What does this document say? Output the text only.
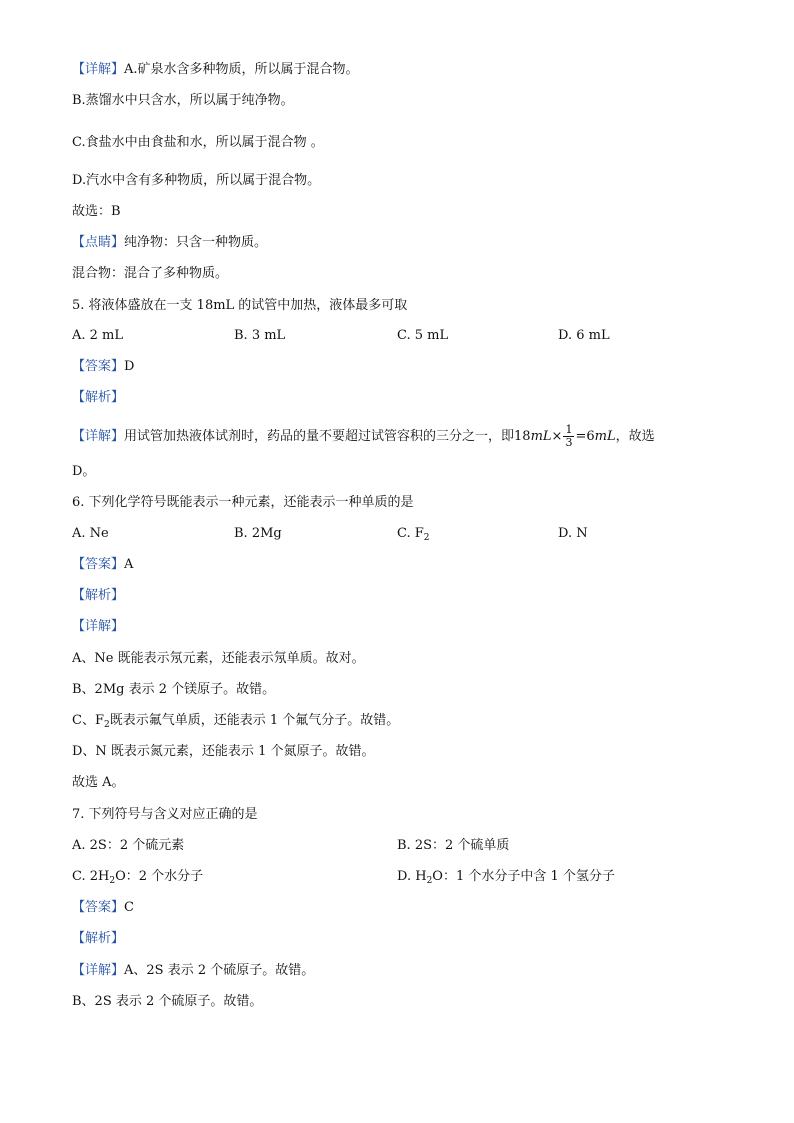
【详解】A.矿泉水含多种物质，所以属于混合物。
B.蒸馏水中只含水，所以属于纯净物。
C.食盐水中由食盐和水，所以属于混合物 。
D.汽水中含有多种物质，所以属于混合物。
故选：B
【点睛】纯净物：只含一种物质。
混合物：混合了多种物质。
5. 将液体盛放在一支 18mL 的试管中加热，液体最多可取
A. 2 mL	B. 3 mL	C. 5 mL	D. 6 mL
【答案】D
【解析】
【详解】用试管加热液体试剂时，药品的量不要超过试管容积的三分之一，即$18mL\times \frac{1}{3} =6mL$，故选
D。
6. 下列化学符号既能表示一种元素，还能表示一种单质的是
A. Ne	B. 2Mg	C. $F_2$	D. N
【答案】A
【解析】
【详解】
A、Ne 既能表示氖元素，还能表示氖单质。故对。
B、2Mg 表示 2 个镁原子。故错。
C、$F_2$既表示氟气单质，还能表示 1 个氟气分子。故错。
D、N 既表示氮元素，还能表示 1 个氮原子。故错。
故选 A。
7. 下列符号与含义对应正确的是
A. 2S：2 个硫元素	B. 2S：2 个硫单质
C. $2H_2O$：2 个水分子	D. $H_2O$：1 个水分子中含 1 个氢分子
【答案】C
【解析】
【详解】A、2S 表示 2 个硫原子。故错。
B、2S 表示 2 个硫原子。故错。
